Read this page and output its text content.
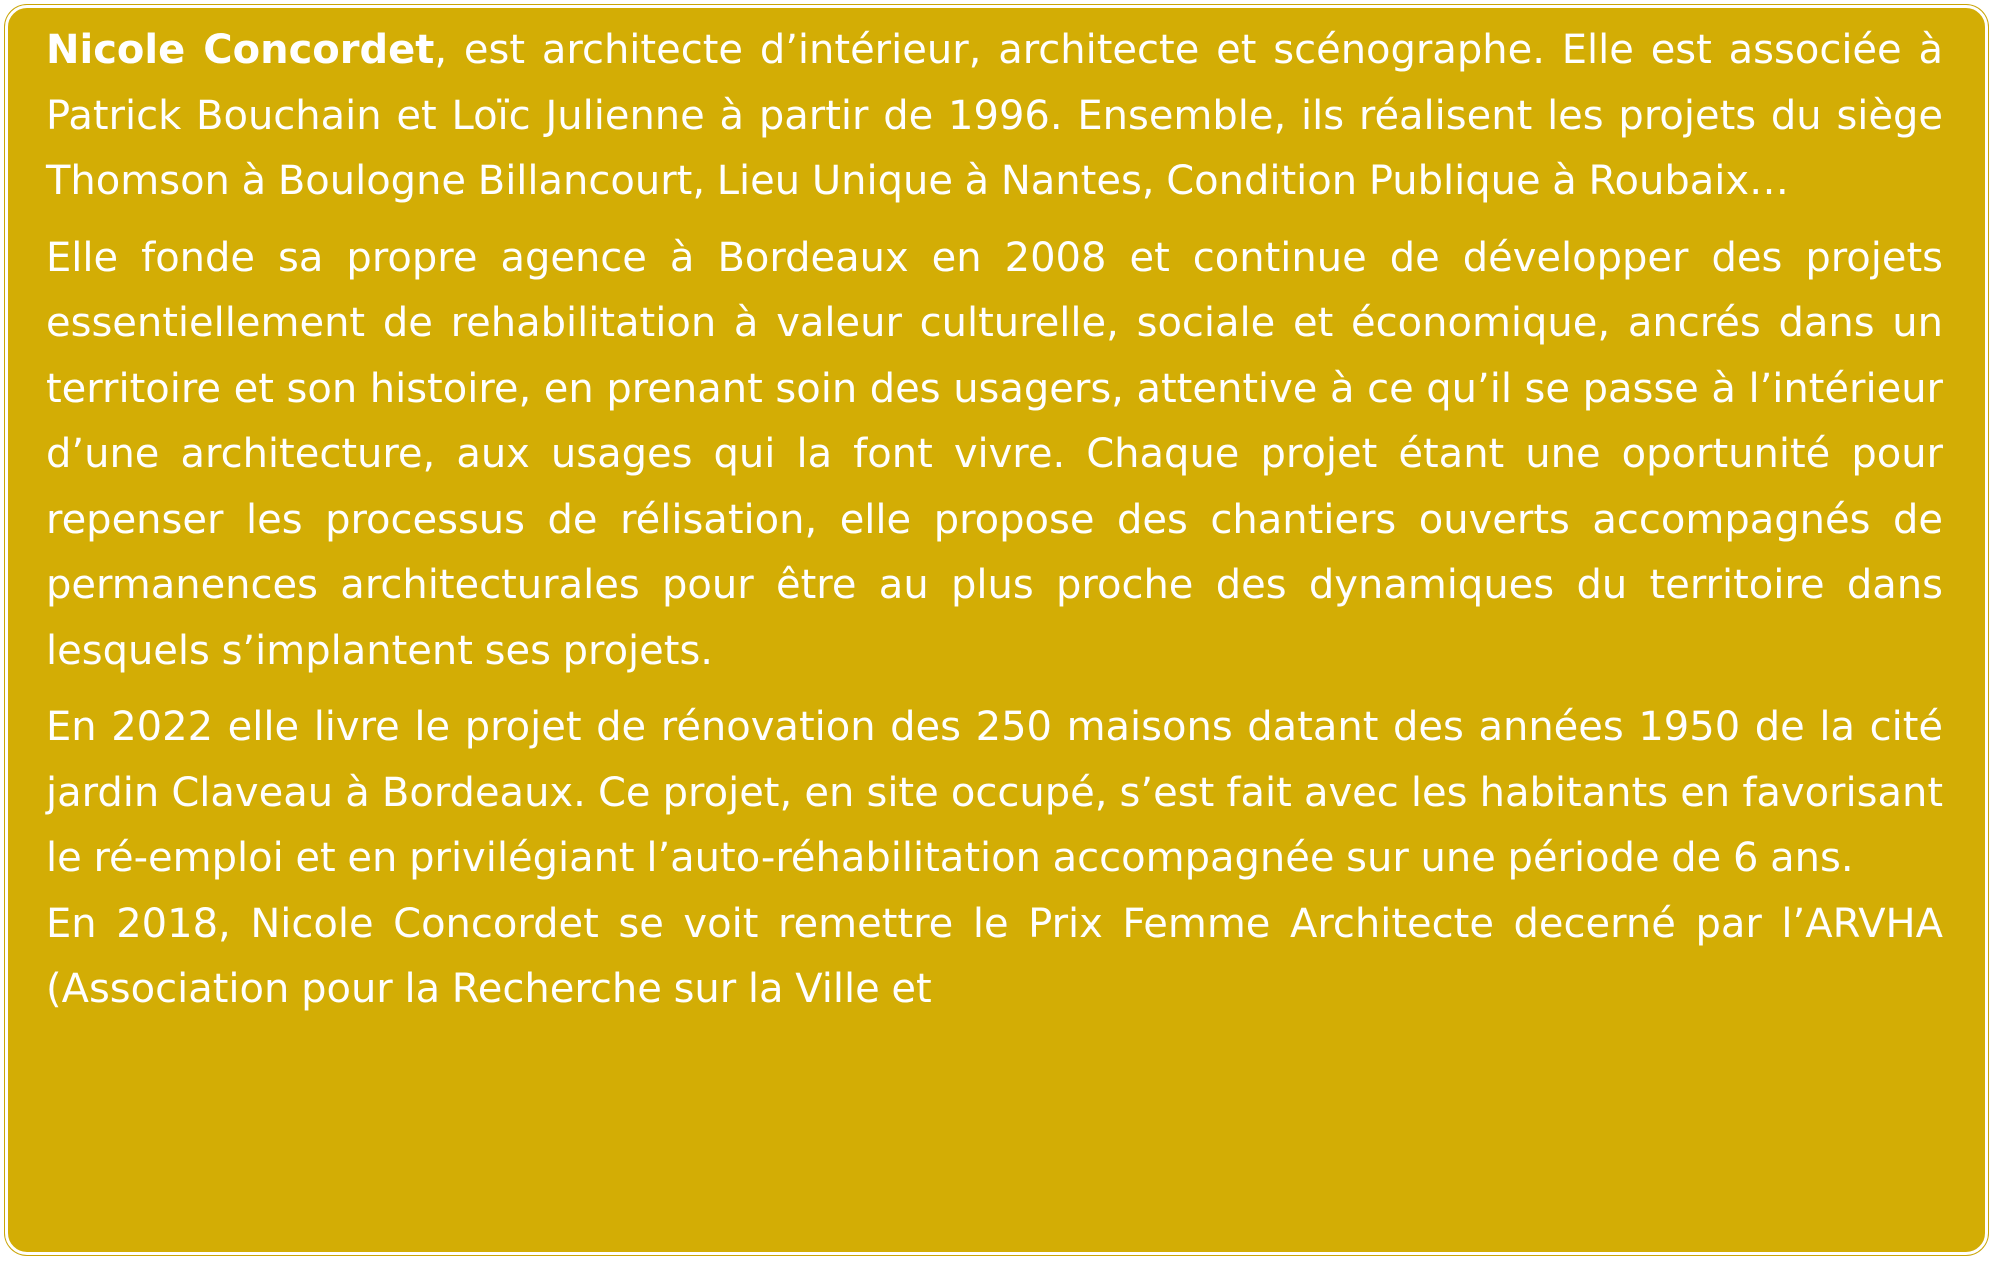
Nicole Concordet, est architecte d’intérieur, architecte et scénographe. Elle est associée à Patrick Bouchain et Loïc Julienne à partir de 1996. Ensemble, ils réalisent les projets du siège Thomson à Boulogne Billancourt, Lieu Unique à Nantes, Condition Publique à Roubaix…

Elle fonde sa propre agence à Bordeaux en 2008 et continue de développer des projets essentiellement de rehabilitation à valeur culturelle, sociale et économique, ancrés dans un territoire et son histoire, en prenant soin des usagers, attentive à ce qu’il se passe à l’intérieur d’une architecture, aux usages qui la font vivre. Chaque projet étant une oportunité pour repenser les processus de rélisation, elle propose des chantiers ouverts accompagnés de permanences architecturales pour être au plus proche des dynamiques du territoire dans lesquels s’implantent ses projets.

En 2022 elle livre le projet de rénovation des 250 maisons datant des années 1950 de la cité jardin Claveau à Bordeaux. Ce projet, en site occupé, s’est fait avec les habitants en favorisant le ré-emploi et en privilégiant l’auto-réhabilitation accompagnée sur une période de 6 ans.

En 2018, Nicole Concordet se voit remettre le Prix Femme Architecte decerné par l’ARVHA (Association pour la Recherche sur la Ville et
